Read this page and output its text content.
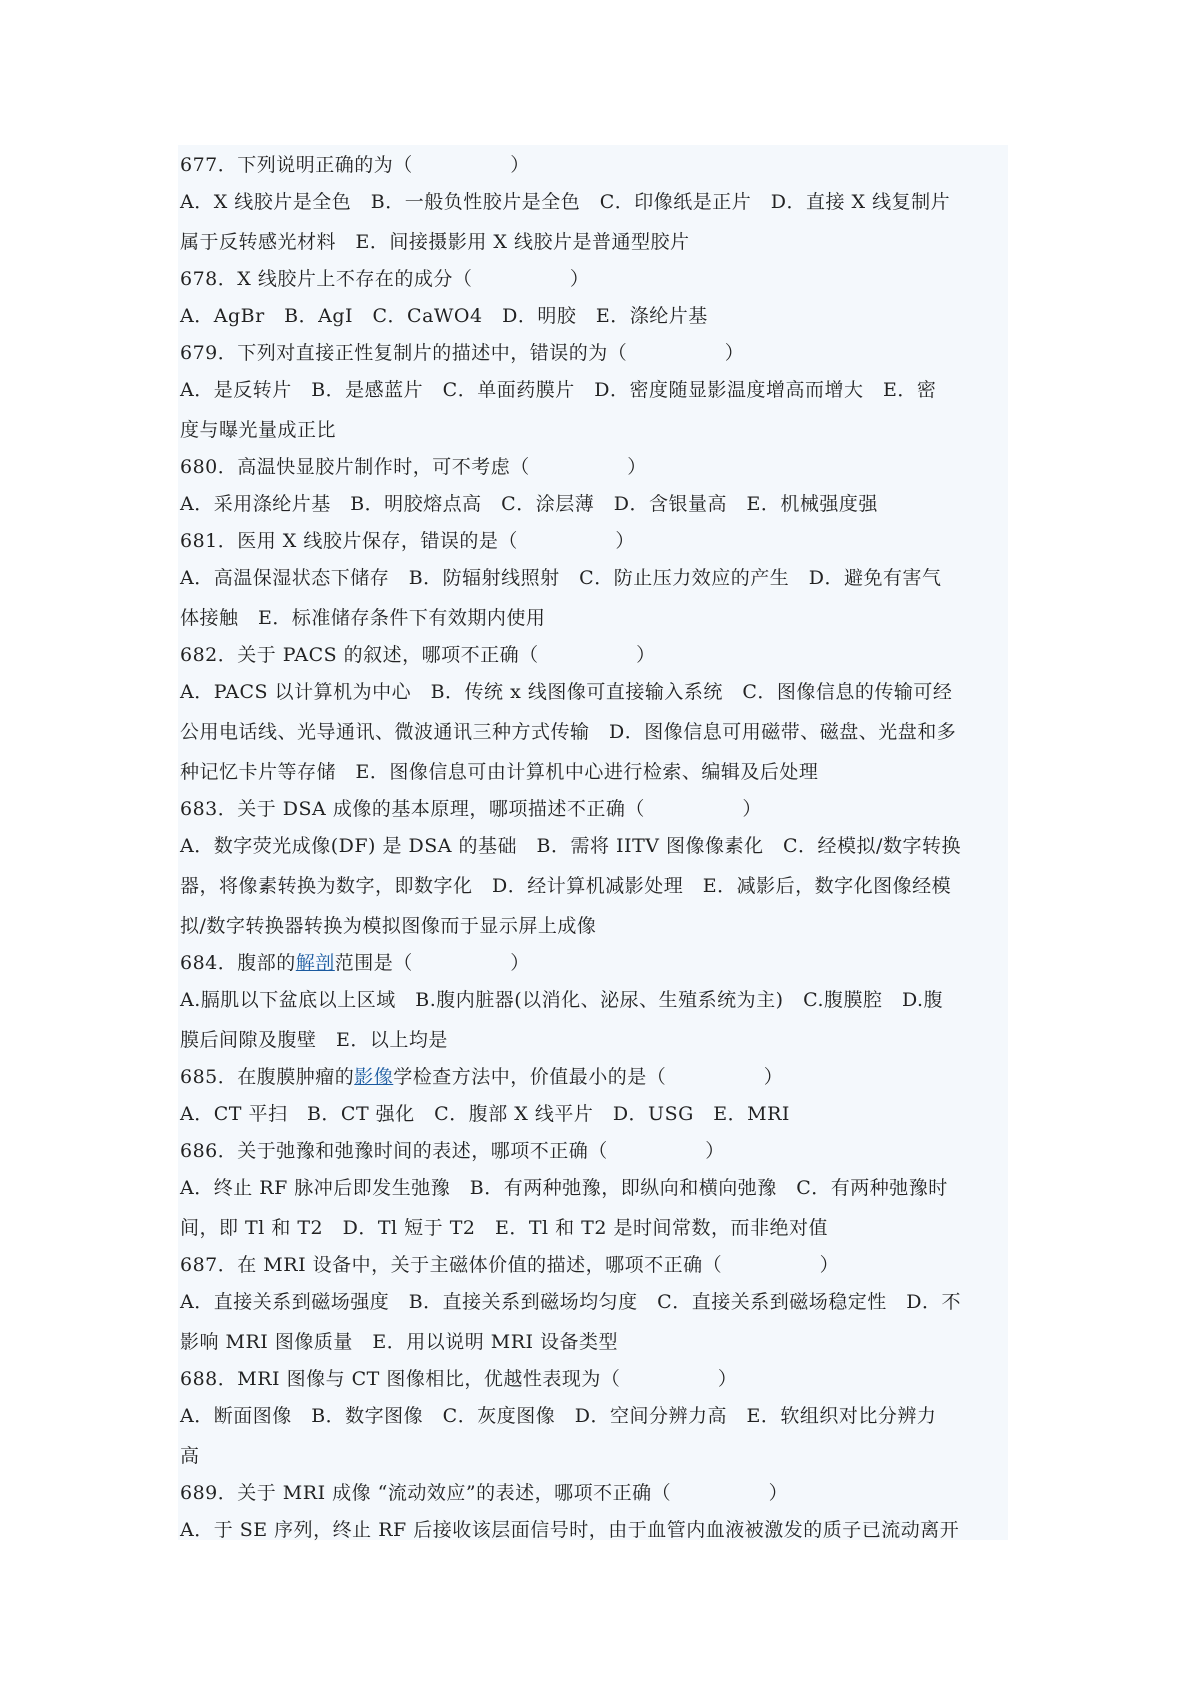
677．下列说明正确的为（　　　　　）

A．X 线胶片是全色　B．一般负性胶片是全色　C．印像纸是正片　D．直接 X 线复制片

属于反转感光材料　E．间接摄影用 X 线胶片是普通型胶片

678．X 线胶片上不存在的成分（　　　　　）

A．AgBr　B．AgI　C．CaWO4　D．明胶　E．涤纶片基

679．下列对直接正性复制片的描述中，错误的为（　　　　　）

A．是反转片　B．是感蓝片　C．单面药膜片　D．密度随显影温度增高而增大　E．密

度与曝光量成正比

680．高温快显胶片制作时，可不考虑（　　　　　）

A．采用涤纶片基　B．明胶熔点高　C．涂层薄　D．含银量高　E．机械强度强

681．医用 X 线胶片保存，错误的是（　　　　　）

A．高温保湿状态下储存　B．防辐射线照射　C．防止压力效应的产生　D．避免有害气

体接触　E．标准储存条件下有效期内使用

682．关于 PACS 的叙述，哪项不正确（　　　　　）

A．PACS 以计算机为中心　B．传统 x 线图像可直接输入系统　C．图像信息的传输可经

公用电话线、光导通讯、微波通讯三种方式传输　D．图像信息可用磁带、磁盘、光盘和多

种记忆卡片等存储　E．图像信息可由计算机中心进行检索、编辑及后处理

683．关于 DSA 成像的基本原理，哪项描述不正确（　　　　　）

A．数字荧光成像(DF) 是 DSA 的基础　B．需将 IITV 图像像素化　C．经模拟/数字转换

器，将像素转换为数字，即数字化　D．经计算机减影处理　E．减影后，数字化图像经模

拟/数字转换器转换为模拟图像而于显示屏上成像

684．腹部的解剖范围是（　　　　　）

A.膈肌以下盆底以上区域　B.腹内脏器(以消化、泌尿、生殖系统为主)　C.腹膜腔　D.腹

膜后间隙及腹壁　E．以上均是

685．在腹膜肿瘤的影像学检查方法中，价值最小的是（　　　　　）

A．CT 平扫　B．CT 强化　C．腹部 X 线平片　D．USG　E．MRI

686．关于弛豫和弛豫时间的表述，哪项不正确（　　　　　）

A．终止 RF 脉冲后即发生弛豫　B．有两种弛豫，即纵向和横向弛豫　C．有两种弛豫时

间，即 Tl 和 T2　D．Tl 短于 T2　E．Tl 和 T2 是时间常数，而非绝对值

687．在 MRI 设备中，关于主磁体价值的描述，哪项不正确（　　　　　）

A．直接关系到磁场强度　B．直接关系到磁场均匀度　C．直接关系到磁场稳定性　D．不

影响 MRI 图像质量　E．用以说明 MRI 设备类型

688．MRI 图像与 CT 图像相比，优越性表现为（　　　　　）

A．断面图像　B．数字图像　C．灰度图像　D．空间分辨力高　E．软组织对比分辨力

高

689．关于 MRI 成像 “流动效应”的表述，哪项不正确（　　　　　）

A．于 SE 序列，终止 RF 后接收该层面信号时，由于血管内血液被激发的质子已流动离开
